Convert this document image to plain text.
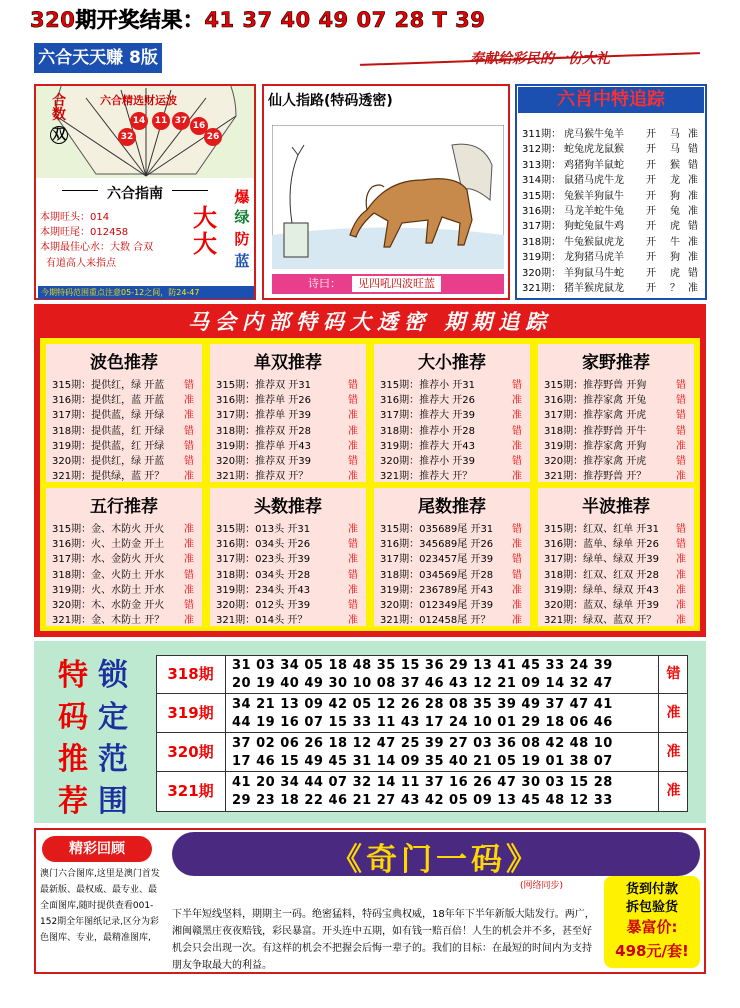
320期开奖结果：41 37 40 49 07 28 T 39
六合天天赚 8版	奉献给彩民的一份大礼
合数
双
六合精选财运波
32
14	11 37 16
26
六合指南
本期旺头：014
本期旺尾：012458
本期最佳心水：大数 合双
有道高人来指点
大
大
爆
绿
防
蓝
今期特码范围重点注意05-12之间，防24-47
仙人指路(特码透密)
诗曰：	见四吼四波旺蓝
六肖中特追踪
311期： 虎马猴牛兔羊	开	马 准
312期： 蛇兔虎龙鼠猴	开	马 错
313期： 鸡猪狗羊鼠蛇	开	猴 错
314期： 鼠猪马虎牛龙	开	龙 准
315期： 兔猴羊狗鼠牛	开	狗 准
316期： 马龙羊蛇牛兔	开	兔 准
317期： 狗蛇兔鼠牛鸡	开	虎 错
318期： 牛兔猴鼠虎龙	开	牛 准
319期： 龙狗猪马虎羊	开	狗 准
320期： 羊狗鼠马牛蛇	开	虎 错
321期： 猪羊猴虎鼠龙	开	？ 准
马会内部特码大透密 期期追踪
波色推荐
315期：提供红，绿 开蓝 错
316期：提供红，蓝 开蓝 准
317期：提供蓝，绿 开绿 准
318期：提供蓝，红 开绿 错
319期：提供蓝，红 开绿 错
320期：提供红，绿 开蓝 错
321期：提供绿，蓝 开？ 准
单双推荐
315期：推荐双 开31	错
316期：推荐单 开26	错
317期：推荐单 开39	准
318期：推荐双 开28	准
319期：推荐单 开43	准
320期：推荐双 开39	错
321期：推荐双 开？	准
大小推荐
315期：推荐小 开31	错
316期：推荐大 开26	准
317期：推荐大 开39	准
318期：推荐小 开28	错
319期：推荐大 开43	准
320期：推荐小 开39	错
321期：推荐大 开？	准
家野推荐
315期：推荐野兽 开狗	错
316期：推荐家禽 开兔	错
317期：推荐家禽 开虎	错
318期：推荐野兽 开牛	错
319期：推荐家禽 开狗	准
320期：推荐家禽 开虎	错
321期：推荐野兽 开？	准
五行推荐
315期：金、木防火 开火 准
316期：火、土防金 开土 准
317期：水、金防火 开火 准
318期：金、火防土 开水 错
319期：火、水防土 开水 准
320期：木、水防金 开火 错
321期：金、木防土 开？ 准
头数推荐
315期：013头 开31	准
316期：034头 开26	错
317期：023头 开39	准
318期：034头 开28	错
319期：234头 开43	准
320期：012头 开39	错
321期：014头 开？	准
尾数推荐
315期：035689尾 开31 错
316期：345689尾 开26 准
317期：023457尾 开39 错
318期：034569尾 开28 错
319期：236789尾 开43 准
320期：012349尾 开39 准
321期：012458尾 开？ 准
半波推荐
315期：红双、红单 开31 错
316期：蓝单、绿单 开26 错
317期：绿单、绿双 开39 准
318期：红双、红双 开28 准
319期：绿单、绿双 开43 准
320期：蓝双、绿单 开39 准
321期：绿双、蓝双 开？ 准
特
码
推
荐
锁
定
范
围
318期	31 03 34 05 18 48 35 15 36 29 13 41 45 33 24 39
20 19 40 49 30 10 08 37 46 43 12 21 09 14 32 47
错
319期	34 21 13 09 42 05 12 26 28 08 35 39 49 37 47 41
44 19 16 07 15 33 11 43 17 24 10 01 29 18 06 46
准
320期	37 02 06 26 18 12 47 25 39 27 03 36 08 42 48 10
17 46 15 49 45 31 14 09 35 40 21 05 19 01 38 07
准
321期	41 20 34 44 07 32 14 11 37 16 26 47 30 03 15 28
29 23 18 22 46 21 27 43 42 05 09 13 45 48 12 33
准
精彩回顾
澳门六合图库,这里是澳门首发最新版、最权威、最专业、最全面图库,随时提供查看001-152期全年图纸记录,区分为彩色图库、专业，最精准图库,
《奇门一码》
(网络同步)
下半年短线坚料，期期主一码。绝密猛料，特码宝典权威，18年年下半年新版大陆发行。两广，湘闽赣黑庄夜夜赔钱，彩民暴富。开头连中五期，如有钱一赔百倍！人生的机会并不多，甚至好机会只会出现一次。有这样的机会不把握会后悔一辈子的。我们的目标：在最短的时间内为支持朋友争取最大的利益。
货到付款
拆包验货
暴富价:
498元/套!
